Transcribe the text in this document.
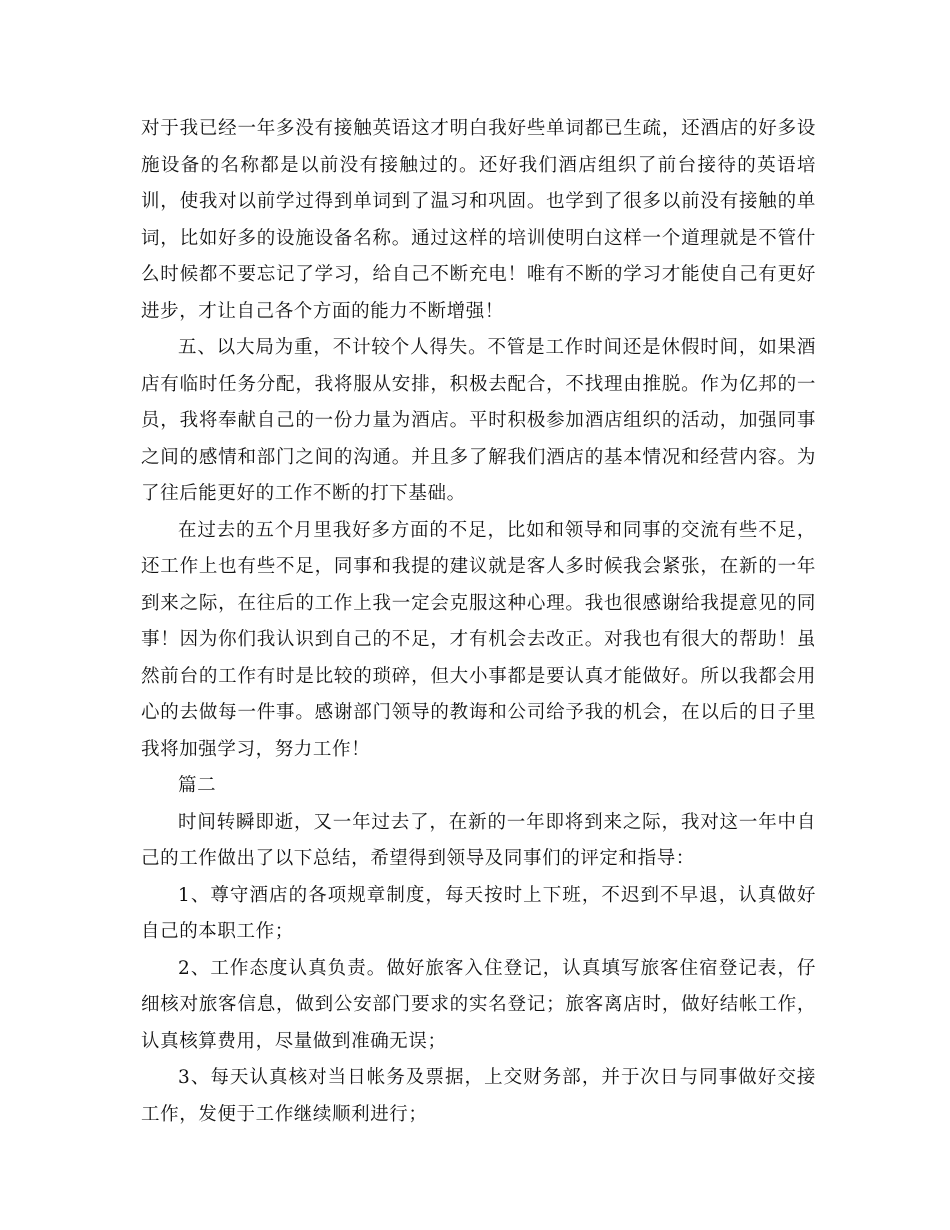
对于我已经一年多没有接触英语这才明白我好些单词都已生疏，还酒店的好多设施设备的名称都是以前没有接触过的。还好我们酒店组织了前台接待的英语培训，使我对以前学过得到单词到了温习和巩固。也学到了很多以前没有接触的单词，比如好多的设施设备名称。通过这样的培训使明白这样一个道理就是不管什么时候都不要忘记了学习，给自己不断充电！唯有不断的学习才能使自己有更好进步，才让自己各个方面的能力不断增强！

五、以大局为重，不计较个人得失。不管是工作时间还是休假时间，如果酒店有临时任务分配，我将服从安排，积极去配合，不找理由推脱。作为亿邦的一员，我将奉献自己的一份力量为酒店。平时积极参加酒店组织的活动，加强同事之间的感情和部门之间的沟通。并且多了解我们酒店的基本情况和经营内容。为了往后能更好的工作不断的打下基础。

在过去的五个月里我好多方面的不足，比如和领导和同事的交流有些不足，还工作上也有些不足，同事和我提的建议就是客人多时候我会紧张，在新的一年到来之际，在往后的工作上我一定会克服这种心理。我也很感谢给我提意见的同事！因为你们我认识到自己的不足，才有机会去改正。对我也有很大的帮助！虽然前台的工作有时是比较的琐碎，但大小事都是要认真才能做好。所以我都会用心的去做每一件事。感谢部门领导的教诲和公司给予我的机会，在以后的日子里我将加强学习，努力工作！

篇二

时间转瞬即逝，又一年过去了，在新的一年即将到来之际，我对这一年中自己的工作做出了以下总结，希望得到领导及同事们的评定和指导：

1、尊守酒店的各项规章制度，每天按时上下班，不迟到不早退，认真做好自己的本职工作；

2、工作态度认真负责。做好旅客入住登记，认真填写旅客住宿登记表，仔细核对旅客信息，做到公安部门要求的实名登记；旅客离店时，做好结帐工作，认真核算费用，尽量做到准确无误；

3、每天认真核对当日帐务及票据，上交财务部，并于次日与同事做好交接工作，发便于工作继续顺利进行；
